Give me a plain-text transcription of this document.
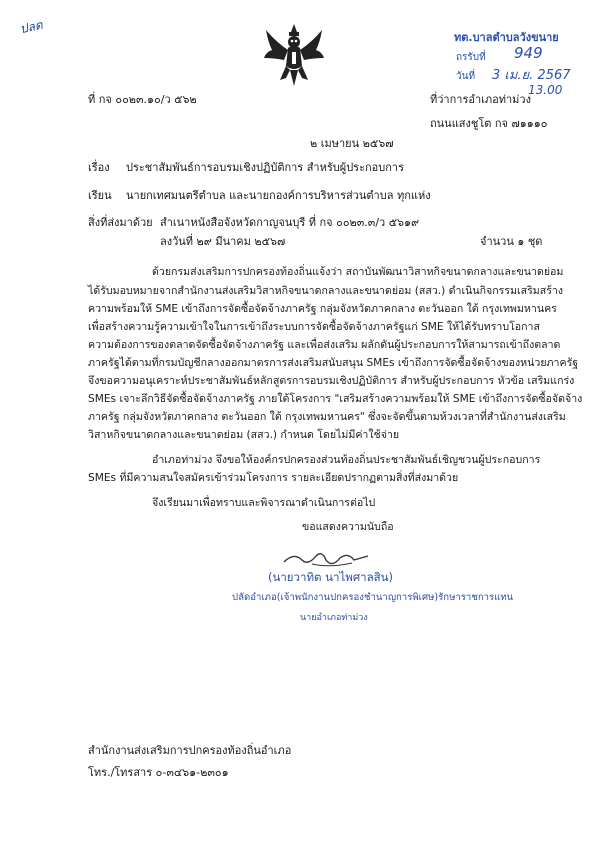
ปลด
ทต.บาลตำบลวังขนาย
ถรรับที่ 949
วันที่ 3 เม.ย. 2567
13.00
ที่ กจ ๐๐๒๓.๑๐/ว ๕๖๒	ที่ว่าการอำเภอท่าม่วง
ถนนแสงชูโต กจ ๗๑๑๑๐
๒ เมษายน ๒๕๖๗
เรื่อง ประชาสัมพันธ์การอบรมเชิงปฏิบัติการ สำหรับผู้ประกอบการ
เรียน นายกเทศมนตรีตำบล และนายกองค์การบริหารส่วนตำบล ทุกแห่ง
สิ่งที่ส่งมาด้วย สำเนาหนังสือจังหวัดกาญจนบุรี ที่ กจ ๐๐๒๓.๓/ว ๕๖๑๙
ลงวันที่ ๒๙ มีนาคม ๒๕๖๗	จำนวน ๑ ชุด
ด้วยกรมส่งเสริมการปกครองท้องถิ่นแจ้งว่า สถาบันพัฒนาวิสาหกิจขนาดกลางและขนาดย่อม
ได้รับมอบหมายจากสำนักงานส่งเสริมวิสาหกิจขนาดกลางและขนาดย่อม (สสว.) ดำเนินกิจกรรมเสริมสร้าง
ความพร้อมให้ SME เข้าถึงการจัดซื้อจัดจ้างภาครัฐ กลุ่มจังหวัดภาคกลาง ตะวันออก ใต้ กรุงเทพมหานคร
เพื่อสร้างความรู้ความเข้าใจในการเข้าถึงระบบการจัดซื้อจัดจ้างภาครัฐแก่ SME ให้ได้รับทราบโอกาส
ความต้องการของตลาดจัดซื้อจัดจ้างภาครัฐ และเพื่อส่งเสริม ผลักดันผู้ประกอบการให้สามารถเข้าถึงตลาด
ภาครัฐได้ตามที่กรมบัญชีกลางออกมาตรการส่งเสริมสนับสนุน SMEs เข้าถึงการจัดซื้อจัดจ้างของหน่วยภาครัฐ
จึงขอความอนุเคราะห์ประชาสัมพันธ์หลักสูตรการอบรมเชิงปฏิบัติการ สำหรับผู้ประกอบการ หัวข้อ เสริมแกร่ง
SMEs เจาะลึกวิธีจัดซื้อจัดจ้างภาครัฐ ภายใต้โครงการ "เสริมสร้างความพร้อมให้ SME เข้าถึงการจัดซื้อจัดจ้าง
ภาครัฐ กลุ่มจังหวัดภาคกลาง ตะวันออก ใต้ กรุงเทพมหานคร" ซึ่งจะจัดขึ้นตามห้วงเวลาที่สำนักงานส่งเสริม
วิสาหกิจขนาดกลางและขนาดย่อม (สสว.) กำหนด โดยไม่มีค่าใช้จ่าย
อำเภอท่าม่วง จึงขอให้องค์กรปกครองส่วนท้องถิ่นประชาสัมพันธ์เชิญชวนผู้ประกอบการ
SMEs ที่มีความสนใจสมัครเข้าร่วมโครงการ รายละเอียดปรากฏตามสิ่งที่ส่งมาด้วย
จึงเรียนมาเพื่อทราบและพิจารณาดำเนินการต่อไป
ขอแสดงความนับถือ
(นายวาทิต นาไพศาลสิน)
ปลัดอำเภอ(เจ้าพนักงานปกครองชำนาญการพิเศษ)รักษาราชการแทน
นายอำเภอท่าม่วง
สำนักงานส่งเสริมการปกครองท้องถิ่นอำเภอ
โทร./โทรสาร ๐-๓๔๖๑-๒๓๐๑
